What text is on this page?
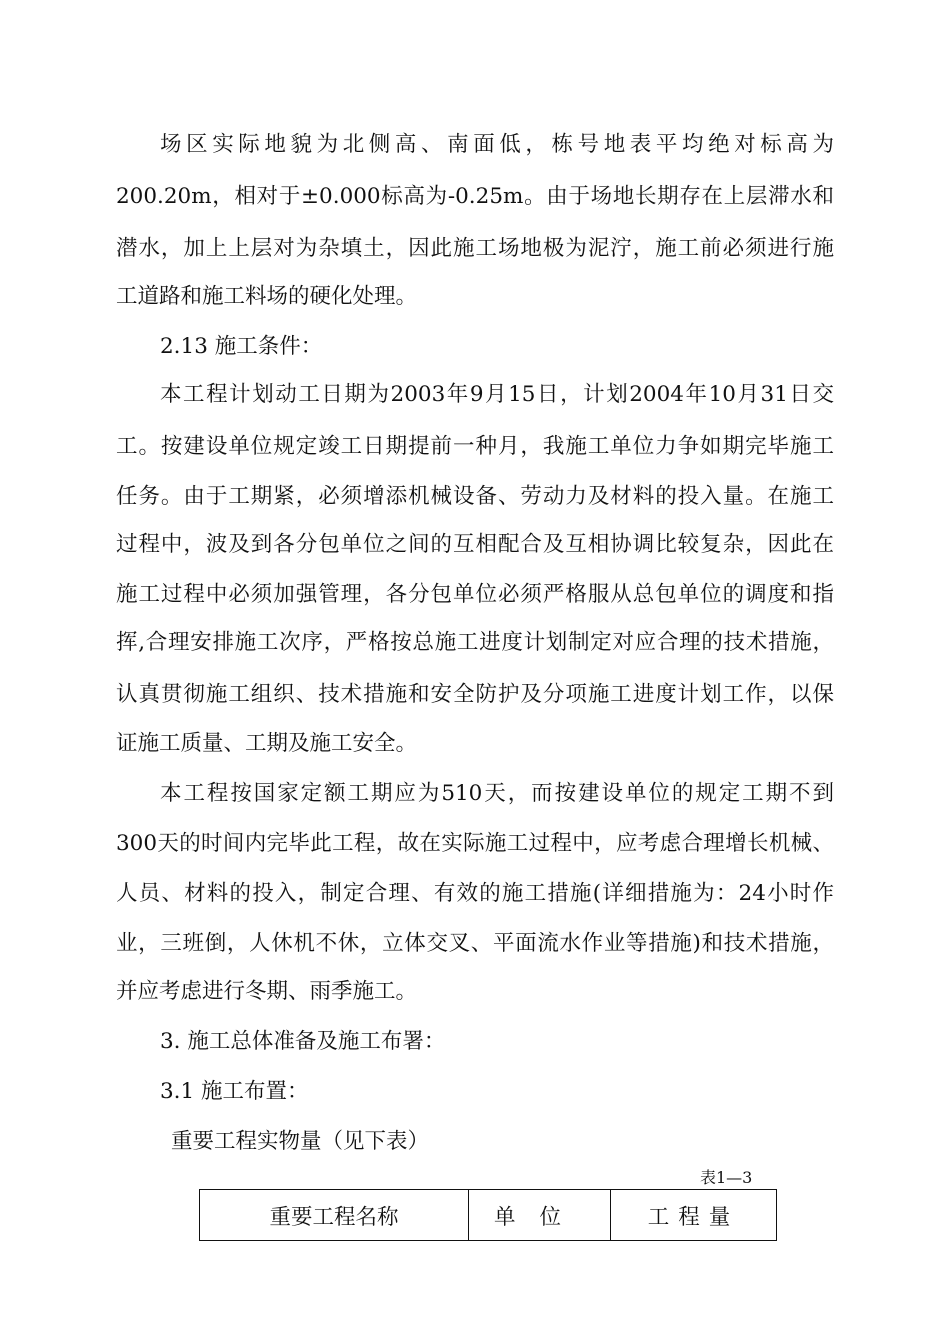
场区实际地貌为北侧高、南面低，栋号地表平均绝对标高为
200.20m，相对于±0.000标高为-0.25m。由于场地长期存在上层滞水和
潜水，加上上层对为杂填土，因此施工场地极为泥泞，施工前必须进行施
工道路和施工料场的硬化处理。
2.13 施工条件：
本工程计划动工日期为2003年9月15日，计划2004年10月31日交
工。按建设单位规定竣工日期提前一种月，我施工单位力争如期完毕施工
任务。由于工期紧，必须增添机械设备、劳动力及材料的投入量。在施工
过程中，波及到各分包单位之间的互相配合及互相协调比较复杂，因此在
施工过程中必须加强管理，各分包单位必须严格服从总包单位的调度和指
挥,合理安排施工次序，严格按总施工进度计划制定对应合理的技术措施，
认真贯彻施工组织、技术措施和安全防护及分项施工进度计划工作，以保
证施工质量、工期及施工安全。
本工程按国家定额工期应为510天，而按建设单位的规定工期不到
300天的时间内完毕此工程，故在实际施工过程中，应考虑合理增长机械、
人员、材料的投入，制定合理、有效的施工措施(详细措施为：24小时作
业，三班倒，人休机不休，立体交叉、平面流水作业等措施)和技术措施，
并应考虑进行冬期、雨季施工。
3. 施工总体准备及施工布署：
3.1 施工布置：
重要工程实物量（见下表）
表1—3
重要工程名称	单位	工程量
